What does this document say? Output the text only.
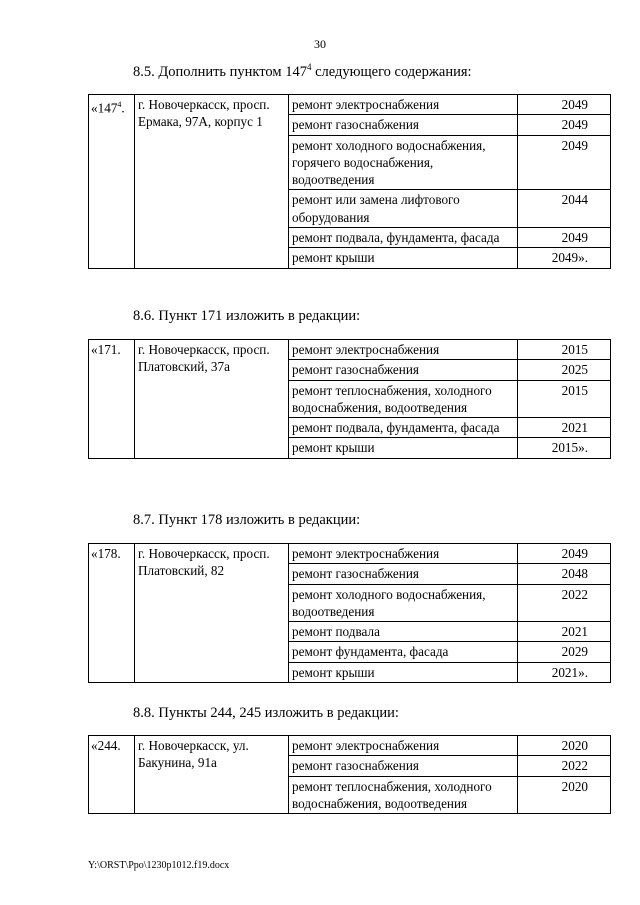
30
8.5. Дополнить пунктом $147^4$ следующего содержания:
«$147^4$.	г. Новочеркасск, просп. Ермака, 97А, корпус 1	ремонт электроснабжения	2049
		ремонт газоснабжения	2049
		ремонт холодного водоснабжения, горячего водоснабжения, водоотведения	2049
		ремонт или замена лифтового оборудования	2044
		ремонт подвала, фундамента, фасада	2049
		ремонт крыши	2049».
8.6. Пункт 171 изложить в редакции:
«171.	г. Новочеркасск, просп. Платовский, 37а	ремонт электроснабжения	2015
		ремонт газоснабжения	2025
		ремонт теплоснабжения, холодного водоснабжения, водоотведения	2015
		ремонт подвала, фундамента, фасада	2021
		ремонт крыши	2015».
8.7. Пункт 178 изложить в редакции:
«178.	г. Новочеркасск, просп. Платовский, 82	ремонт электроснабжения	2049
		ремонт газоснабжения	2048
		ремонт холодного водоснабжения, водоотведения	2022
		ремонт подвала	2021
		ремонт фундамента, фасада	2029
		ремонт крыши	2021».
8.8. Пункты 244, 245 изложить в редакции:
«244.	г. Новочеркасск, ул. Бакунина, 91а	ремонт электроснабжения	2020
		ремонт газоснабжения	2022
		ремонт теплоснабжения, холодного водоснабжения, водоотведения	2020
Y:\ORST\Ppo\1230p1012.f19.docx
